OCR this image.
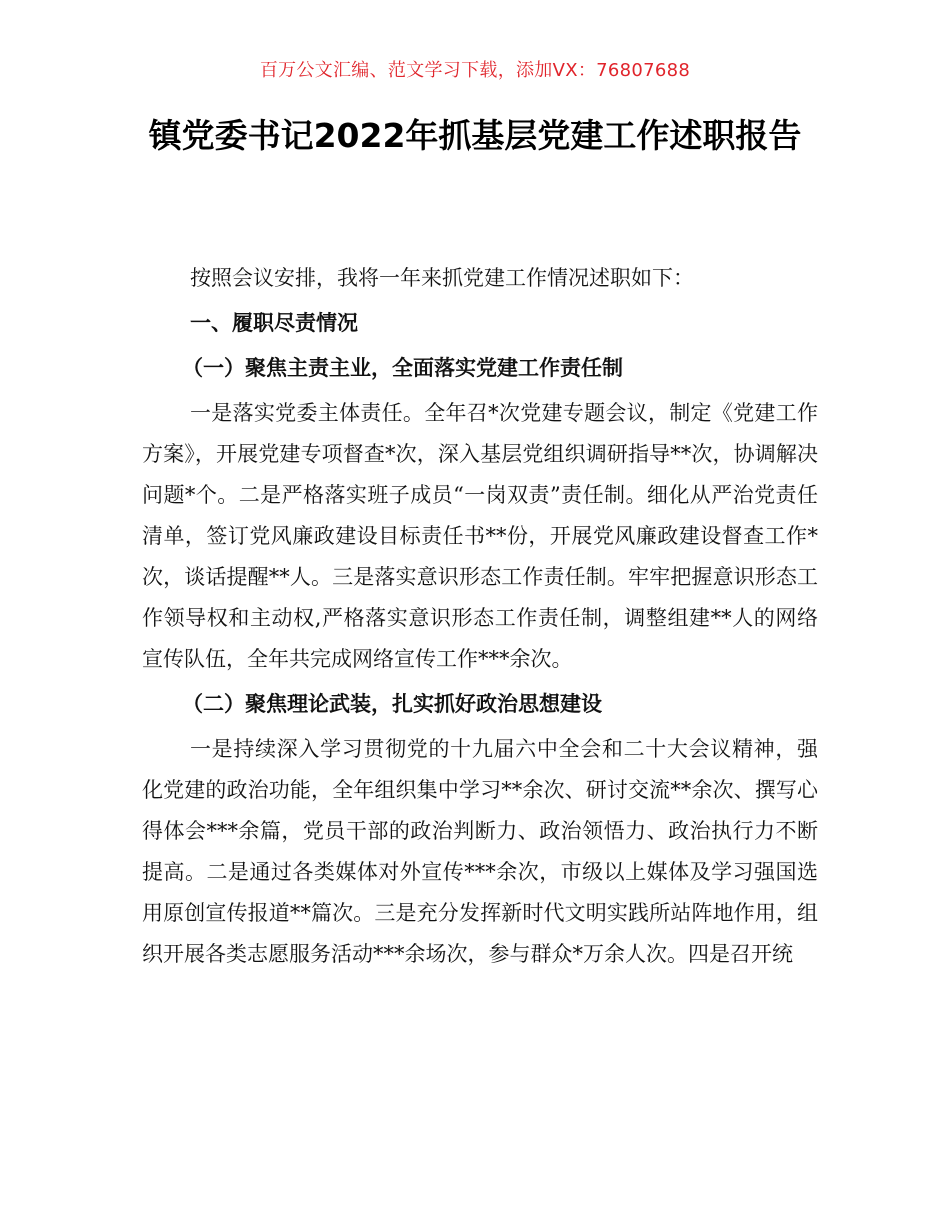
百万公文汇编、范文学习下载，添加VX：76807688
镇党委书记2022年抓基层党建工作述职报告

按照会议安排，我将一年来抓党建工作情况述职如下：

一、履职尽责情况

（一）聚焦主责主业，全面落实党建工作责任制

一是落实党委主体责任。全年召*次党建专题会议，制定《党建工作方案》，开展党建专项督查*次，深入基层党组织调研指导**次，协调解决问题*个。二是严格落实班子成员“一岗双责”责任制。细化从严治党责任清单，签订党风廉政建设目标责任书**份，开展党风廉政建设督查工作*次，谈话提醒**人。三是落实意识形态工作责任制。牢牢把握意识形态工作领导权和主动权,严格落实意识形态工作责任制，调整组建**人的网络宣传队伍，全年共完成网络宣传工作***余次。

（二）聚焦理论武装，扎实抓好政治思想建设

一是持续深入学习贯彻党的十九届六中全会和二十大会议精神，强化党建的政治功能，全年组织集中学习**余次、研讨交流**余次、撰写心得体会***余篇，党员干部的政治判断力、政治领悟力、政治执行力不断提高。二是通过各类媒体对外宣传***余次，市级以上媒体及学习强国选用原创宣传报道**篇次。三是充分发挥新时代文明实践所站阵地作用，组织开展各类志愿服务活动***余场次，参与群众*万余人次。四是召开统
